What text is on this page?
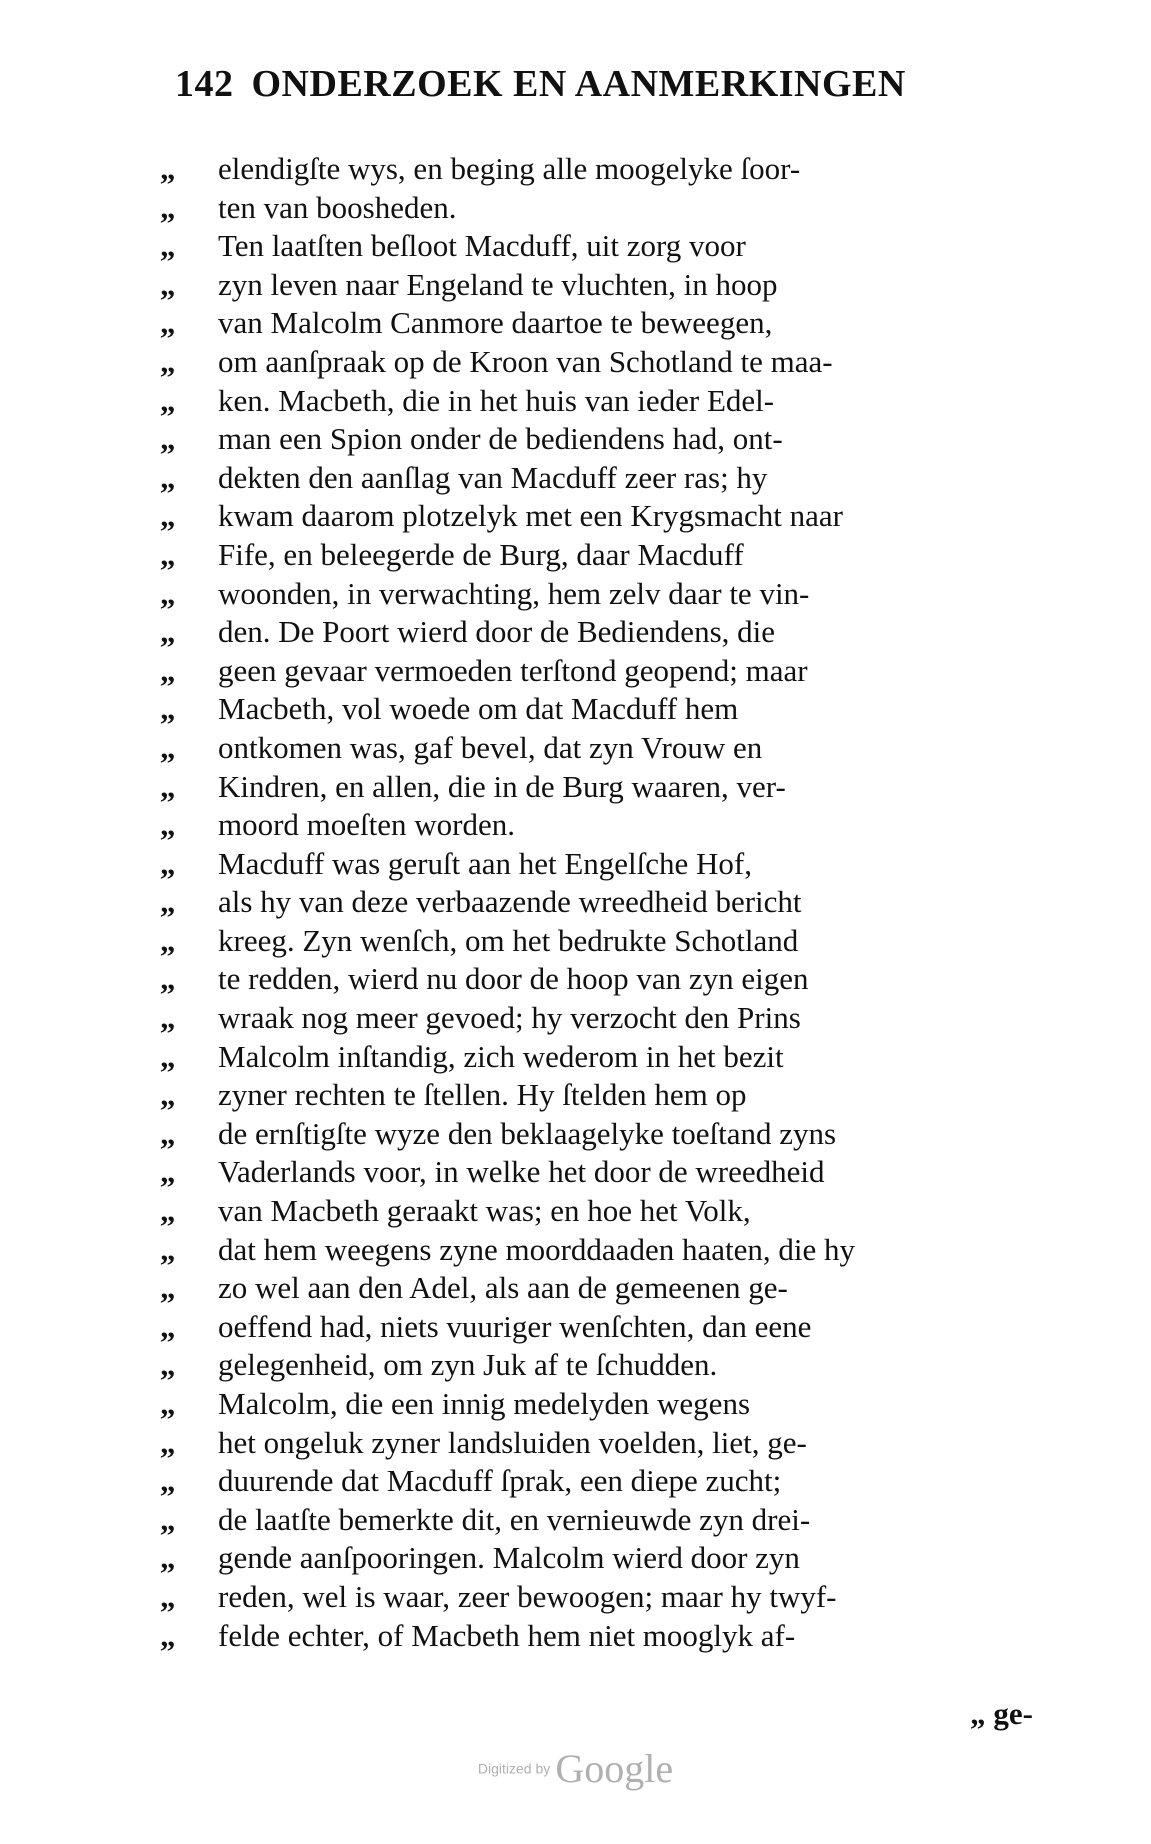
142 ONDERZOEK EN AANMERKINGEN
„	elendigſte wys, en beging alle moogelyke ſoor-
„	ten van boosheden.
„	Ten laatſten beſloot Macduff, uit zorg voor
„	zyn leven naar Engeland te vluchten, in hoop
„	van Malcolm Canmore daartoe te beweegen,
„	om aanſpraak op de Kroon van Schotland te maa-
„	ken. Macbeth, die in het huis van ieder Edel-
„	man een Spion onder de bediendens had, ont-
„	dekten den aanſlag van Macduff zeer ras; hy
„	kwam daarom plotzelyk met een Krygsmacht naar
„	Fife, en beleegerde de Burg, daar Macduff
„	woonden, in verwachting, hem zelv daar te vin-
„	den. De Poort wierd door de Bediendens, die
„	geen gevaar vermoeden terſtond geopend; maar
„	Macbeth, vol woede om dat Macduff hem
„	ontkomen was, gaf bevel, dat zyn Vrouw en
„	Kindren, en allen, die in de Burg waaren, ver-
„	moord moeſten worden.
„	Macduff was geruſt aan het Engelſche Hof,
„	als hy van deze verbaazende wreedheid bericht
„	kreeg. Zyn wenſch, om het bedrukte Schotland
„	te redden, wierd nu door de hoop van zyn eigen
„	wraak nog meer gevoed; hy verzocht den Prins
„	Malcolm inſtandig, zich wederom in het bezit
„	zyner rechten te ſtellen. Hy ſtelden hem op
„	de ernſtigſte wyze den beklaagelyke toeſtand zyns
„	Vaderlands voor, in welke het door de wreedheid
„	van Macbeth geraakt was; en hoe het Volk,
„	dat hem weegens zyne moorddaaden haaten, die hy
„	zo wel aan den Adel, als aan de gemeenen ge-
„	oeffend had, niets vuuriger wenſchten, dan eene
„	gelegenheid, om zyn Juk af te ſchudden.
„	Malcolm, die een innig medelyden wegens
„	het ongeluk zyner landsluiden voelden, liet, ge-
„	duurende dat Macduff ſprak, een diepe zucht;
„	de laatſte bemerkte dit, en vernieuwde zyn drei-
„	gende aanſpooringen. Malcolm wierd door zyn
„	reden, wel is waar, zeer bewoogen; maar hy twyf-
„	felde echter, of Macbeth hem niet mooglyk af-
„ ge-
Digitized by Google
